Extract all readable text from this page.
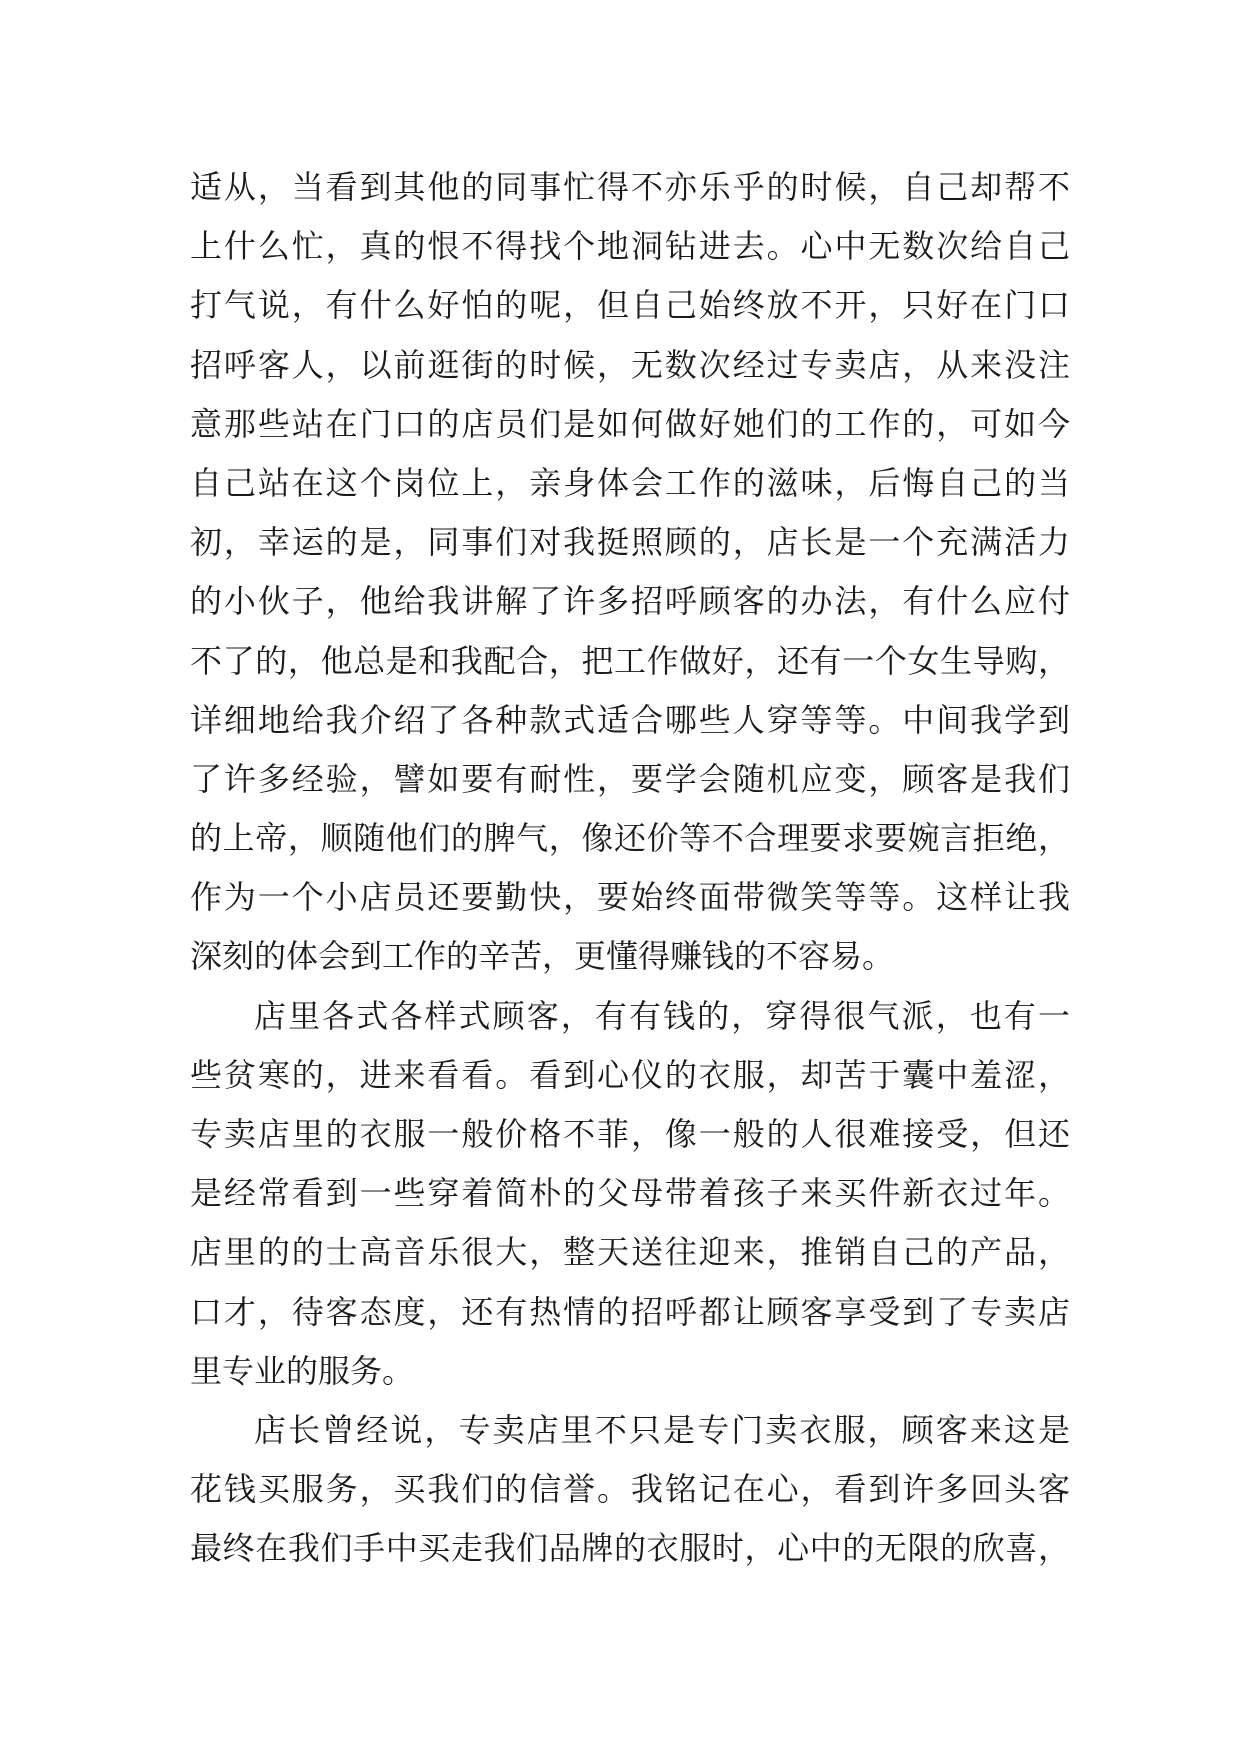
适从，当看到其他的同事忙得不亦乐乎的时候，自己却帮不
上什么忙，真的恨不得找个地洞钻进去。心中无数次给自己
打气说，有什么好怕的呢，但自己始终放不开，只好在门口
招呼客人，以前逛街的时候，无数次经过专卖店，从来没注
意那些站在门口的店员们是如何做好她们的工作的，可如今
自己站在这个岗位上，亲身体会工作的滋味，后悔自己的当
初，幸运的是，同事们对我挺照顾的，店长是一个充满活力
的小伙子，他给我讲解了许多招呼顾客的办法，有什么应付
不了的，他总是和我配合，把工作做好，还有一个女生导购，
详细地给我介绍了各种款式适合哪些人穿等等。中间我学到
了许多经验，譬如要有耐性，要学会随机应变，顾客是我们
的上帝，顺随他们的脾气，像还价等不合理要求要婉言拒绝，
作为一个小店员还要勤快，要始终面带微笑等等。这样让我
深刻的体会到工作的辛苦，更懂得赚钱的不容易。
店里各式各样式顾客，有有钱的，穿得很气派，也有一
些贫寒的，进来看看。看到心仪的衣服，却苦于囊中羞涩，
专卖店里的衣服一般价格不菲，像一般的人很难接受，但还
是经常看到一些穿着简朴的父母带着孩子来买件新衣过年。
店里的的士高音乐很大，整天送往迎来，推销自己的产品，
口才，待客态度，还有热情的招呼都让顾客享受到了专卖店
里专业的服务。
店长曾经说，专卖店里不只是专门卖衣服，顾客来这是
花钱买服务，买我们的信誉。我铭记在心，看到许多回头客
最终在我们手中买走我们品牌的衣服时，心中的无限的欣喜，
